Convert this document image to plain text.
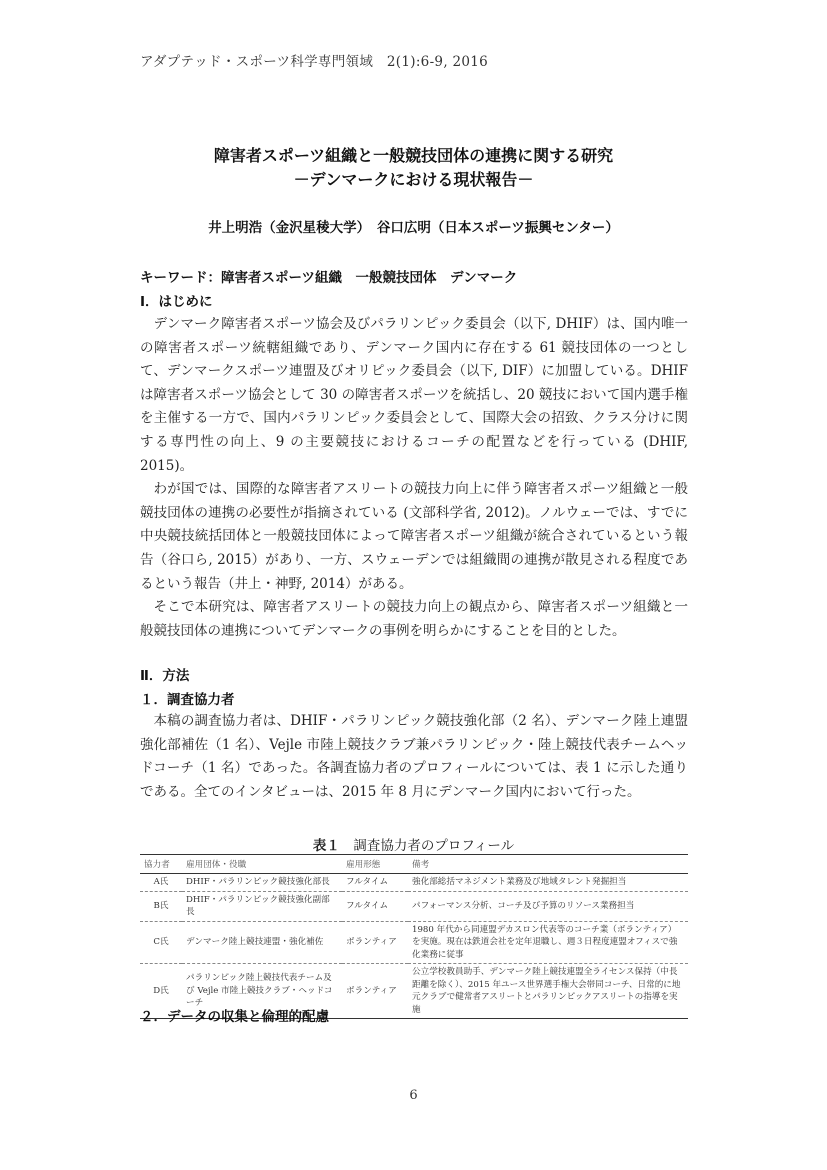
アダプテッド・スポーツ科学専門領域　2(1):6-9, 2016
障害者スポーツ組織と一般競技団体の連携に関する研究
－デンマークにおける現状報告－
井上明浩（金沢星稜大学）　谷口広明（日本スポーツ振興センター）
キーワード：障害者スポーツ組織　一般競技団体　デンマーク
Ⅰ．はじめに

デンマーク障害者スポーツ協会及びパラリンピック委員会（以下, DHIF）は、国内唯一の障害者スポーツ統轄組織であり、デンマーク国内に存在する 61 競技団体の一つとして、デンマークスポーツ連盟及びオリピック委員会（以下, DIF）に加盟している。DHIF は障害者スポーツ協会として 30 の障害者スポーツを統括し、20 競技において国内選手権を主催する一方で、国内パラリンピック委員会として、国際大会の招致、クラス分けに関する専門性の向上、9 の主要競技におけるコーチの配置などを行っている (DHIF, 2015)。

わが国では、国際的な障害者アスリートの競技力向上に伴う障害者スポーツ組織と一般競技団体の連携の必要性が指摘されている (文部科学省, 2012)。ノルウェーでは、すでに中央競技統括団体と一般競技団体によって障害者スポーツ組織が統合されているという報告（谷口ら, 2015）があり、一方、スウェーデンでは組織間の連携が散見される程度であるという報告（井上・神野, 2014）がある。

そこで本研究は、障害者アスリートの競技力向上の観点から、障害者スポーツ組織と一般競技団体の連携についてデンマークの事例を明らかにすることを目的とした。

Ⅱ．方法
１．調査協力者

本稿の調査協力者は、DHIF・パラリンピック競技強化部（2 名）、デンマーク陸上連盟強化部補佐（1 名）、Vejle 市陸上競技クラブ兼パラリンピック・陸上競技代表チームヘッドコーチ（1 名）であった。各調査協力者のプロフィールについては、表 1 に示した通りである。全てのインタビューは、2015 年 8 月にデンマーク国内において行った。

表１　 調査協力者のプロフィール
協力者	雇用団体・役職	雇用形態	備考
A氏	DHIF・パラリンピック競技強化部長	フルタイム	強化部総括マネジメント業務及び地域タレント発掘担当
B氏	DHIF・パラリンピック競技強化副部長	フルタイム	パフォーマンス分析、コーチ及び予算のリソース業務担当
C氏	デンマーク陸上競技連盟・強化補佐	ボランティア	1980 年代から同連盟デカスロン代表等のコーチ業（ボランティア）を実施。現在は鉄道会社を定年退職し、週３日程度連盟オフィスで強化業務に従事
D氏	パラリンピック陸上競技代表チーム及び Vejle 市陸上競技クラブ・ヘッドコーチ	ボランティア	公立学校教員助手、デンマーク陸上競技連盟全ライセンス保持（中長距離を除く）、2015 年ユース世界選手権大会帯同コーチ、日常的に地元クラブで健常者アスリートとパラリンピックアスリートの指導を実施
２．データの収集と倫理的配慮
6
